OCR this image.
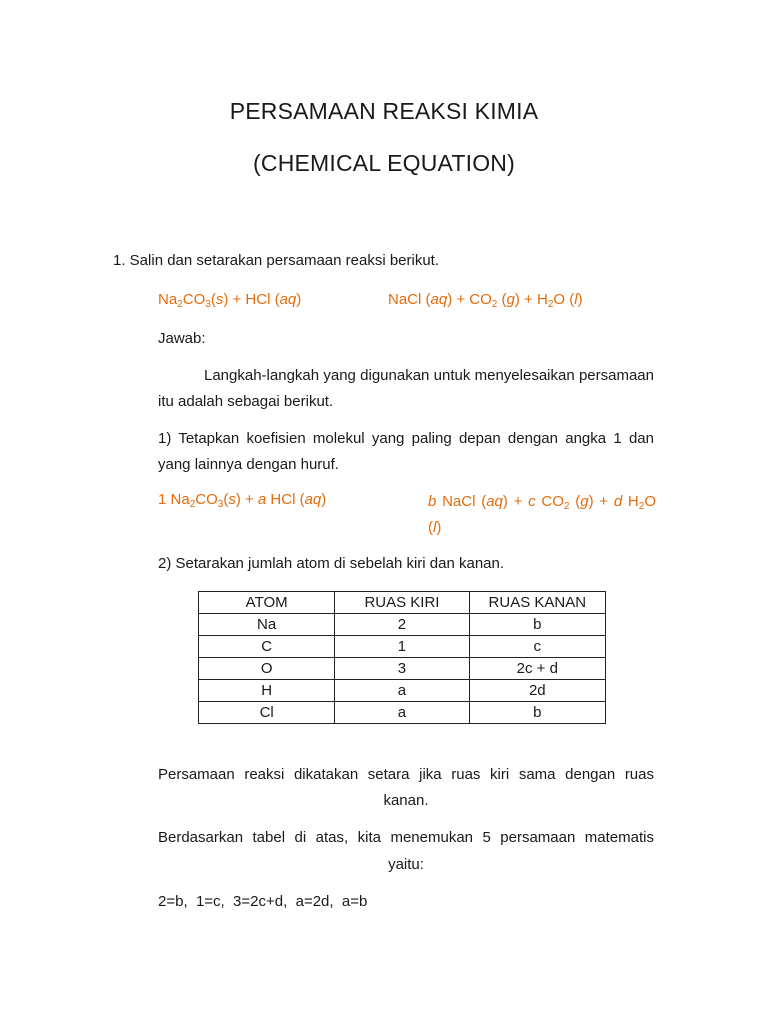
PERSAMAAN REAKSI KIMIA
(CHEMICAL EQUATION)
1. Salin dan setarakan persamaan reaksi berikut.
$Na_2CO_3(s)$ + HCl (aq)	NaCl $(aq) + CO_2$ $(g) + H_2O$ (l)
Jawab:
Langkah-langkah yang digunakan untuk menyelesaikan persamaan itu adalah sebagai berikut.
1) Tetapkan koefisien molekul yang paling depan dengan angka 1 dan yang lainnya dengan huruf.
1 $Na_2CO_3(s) + a$ HCl (aq)	b NaCl (aq) + c $CO_2$ (g) + d $H_2O$ (l)
2) Setarakan jumlah atom di sebelah kiri dan kanan.
ATOM	RUAS KIRI	RUAS KANAN
Na	2	b
C	1	c
O	3	2c + d
H	a	2d
Cl	a	b
Persamaan reaksi dikatakan setara jika ruas kiri sama dengan ruas
kanan.
Berdasarkan tabel di atas, kita menemukan 5 persamaan matematis
yaitu:
2=b,  1=c,  3=2c+d,  a=2d,  a=b
